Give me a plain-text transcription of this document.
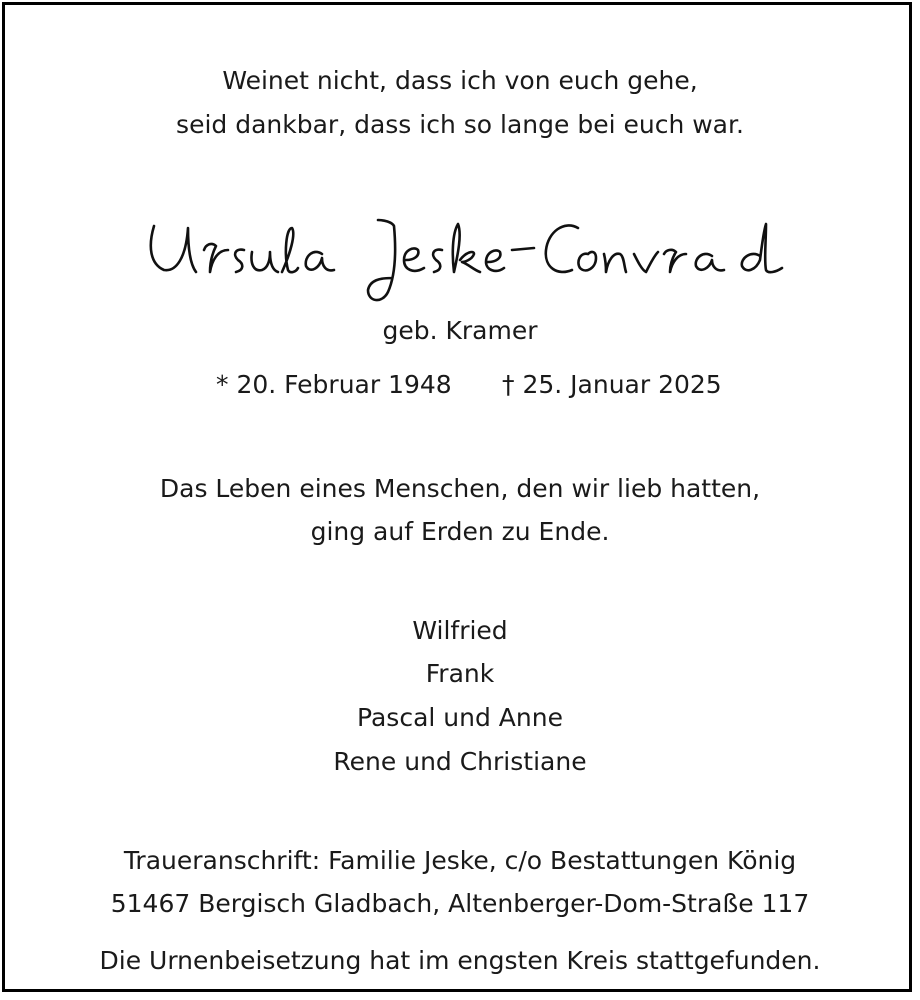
Weinet nicht, dass ich von euch gehe,
seid dankbar, dass ich so lange bei euch war.
geb. Kramer
* 20. Februar 1948 † 25. Januar 2025
Das Leben eines Menschen, den wir lieb hatten,
ging auf Erden zu Ende.
Wilfried
Frank
Pascal und Anne
Rene und Christiane
Traueranschrift: Familie Jeske, c/o Bestattungen König
51467 Bergisch Gladbach, Altenberger-Dom-Straße 117
Die Urnenbeisetzung hat im engsten Kreis stattgefunden.
